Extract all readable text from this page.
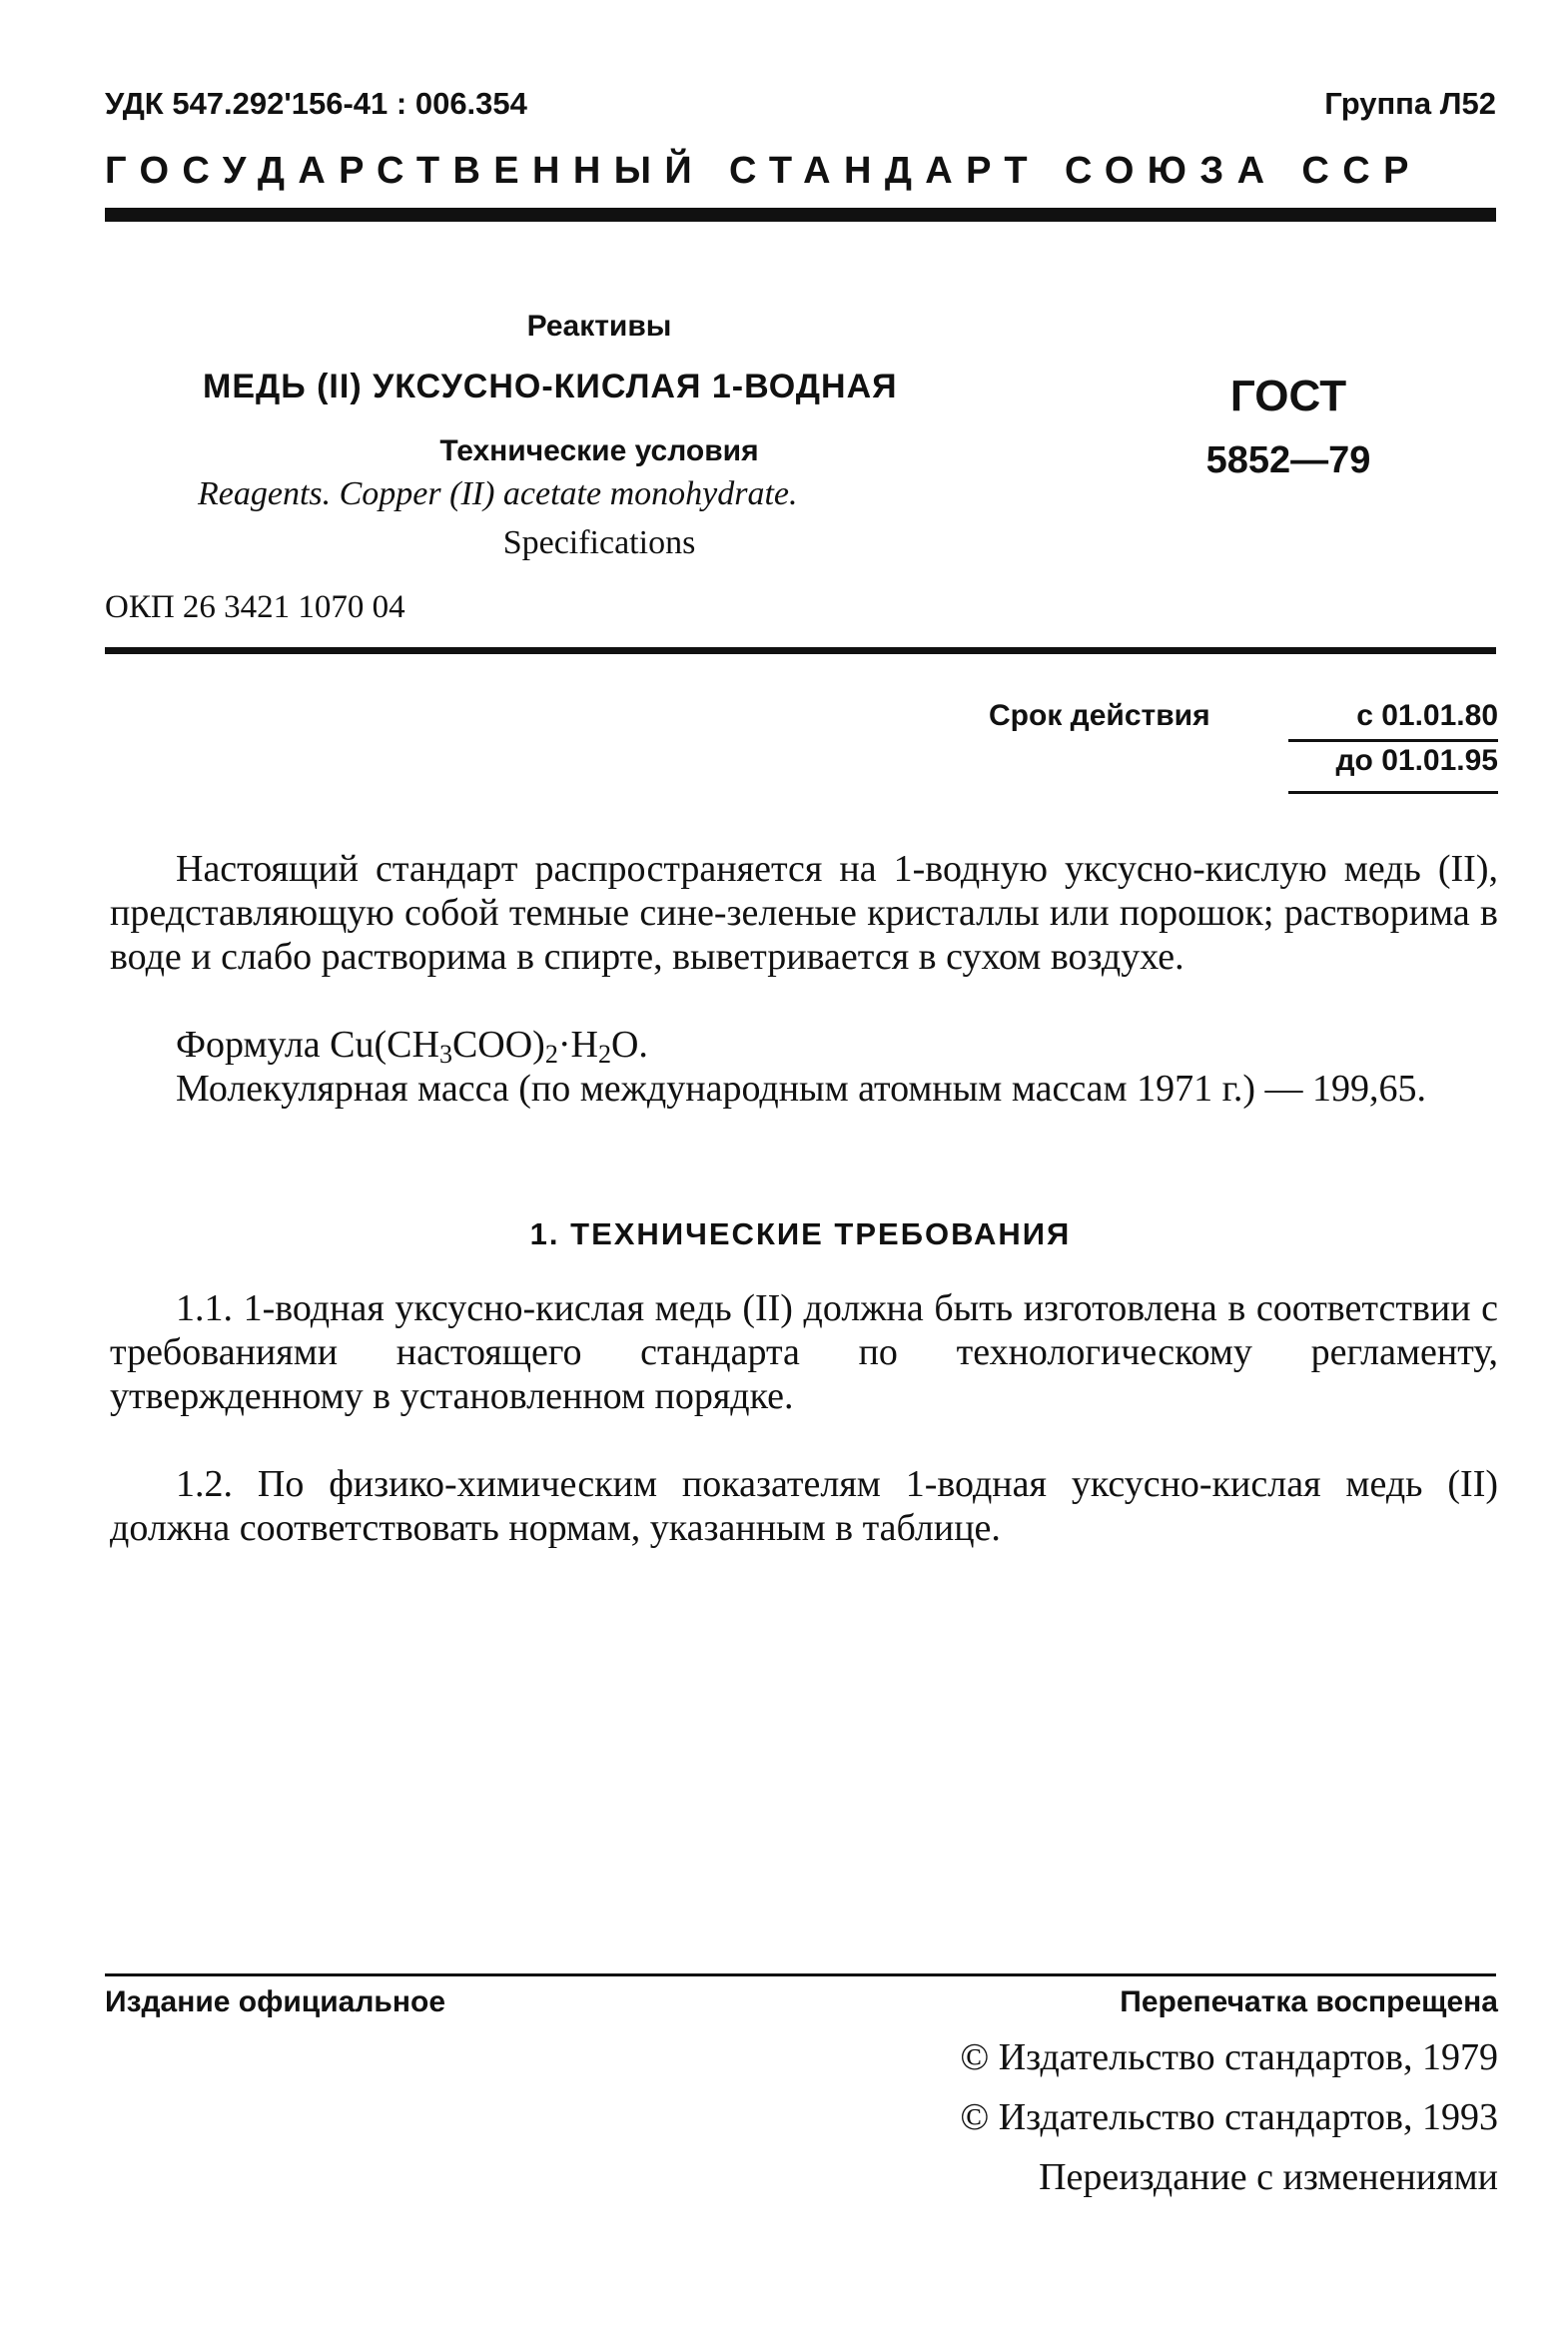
УДК 547.292'156-41 : 006.354	Группа Л52
ГОСУДАРСТВЕННЫЙ СТАНДАРТ СОЮЗА ССР
Реактивы
МЕДЬ (II) УКСУСНО-КИСЛАЯ 1-ВОДНАЯ
Технические условия
Reagents. Copper (II) acetate monohydrate.
Specifications
ОКП 26 3421 1070 04
ГОСТ
5852—79
Срок действия	с 01.01.80
до 01.01.95
Настоящий стандарт распространяется на 1-водную уксусно-кислую медь (II), представляющую собой темные сине-зеленые кристаллы или порошок; растворима в воде и слабо растворима в спирте, выветривается в сухом воздухе.
Формула $Cu(CH_3COO)_2\cdot H_2O$.
Молекулярная масса (по международным атомным массам 1971 г.) — 199,65.
1. ТЕХНИЧЕСКИЕ ТРЕБОВАНИЯ
1.1. 1-водная уксусно-кислая медь (II) должна быть изготовлена в соответствии с требованиями настоящего стандарта по технологическому регламенту, утвержденному в установленном порядке.
1.2. По физико-химическим показателям 1-водная уксусно-кислая медь (II) должна соответствовать нормам, указанным в таблице.
Издание официальное	Перепечатка воспрещена
© Издательство стандартов, 1979
© Издательство стандартов, 1993
Переиздание с изменениями
